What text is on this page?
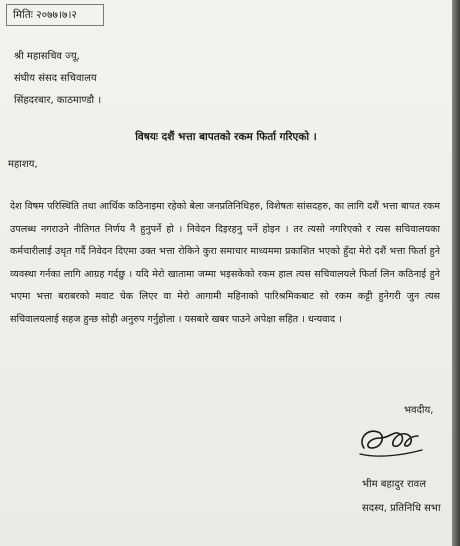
मितिः २०७७।७।२
श्री महासचिव ज्यू,
संघीय संसद सचिवालय
सिंहदरबार, काठमाण्डौ ।
विषयः दशैं भत्ता बापतको रकम फिर्ता गरिएको ।
महाशय,
देश विषम परिस्थिति तथा आर्थिक कठिनाइमा रहेको बेला जनप्रतिनिधिहरु, विशेषतः सांसदहरु, का लागि दशैं भत्ता बापत रकम उपलब्ध नगराउने नीतिगत निर्णय नै हुनुपर्ने हो । निवेदन दिइरहनु पर्ने होइन । तर त्यसो नगरिएको र त्यस सचिवालयका कर्मचारीलाई उधृत गर्दै निवेदन दिएमा उक्त भत्ता रोकिने कुरा समाचार माध्यममा प्रकाशित भएको हुँदा मेरो दशैं भत्ता फिर्ता हुने व्यवस्था गर्नका लागि आग्रह गर्दछु । यदि मेरो खातामा जम्मा भइसकेको रकम हाल त्यस सचिवालयले फिर्ता लिन कठिनाई हुने भएमा भत्ता बराबरको मवाट चेक लिएर वा मेरो आगामी महिनाको पारिश्रमिकबाट सो रकम कट्टी हुनेगरी जुन त्यस सचिवालयलाई सहज हुन्छ सोही अनुरुप गर्नुहोला । यसबारे खबर पाउने अपेक्षा सहित । धन्यवाद ।
भवदीय,
भीम बहादुर रावल
सदस्य, प्रतिनिधि सभा
